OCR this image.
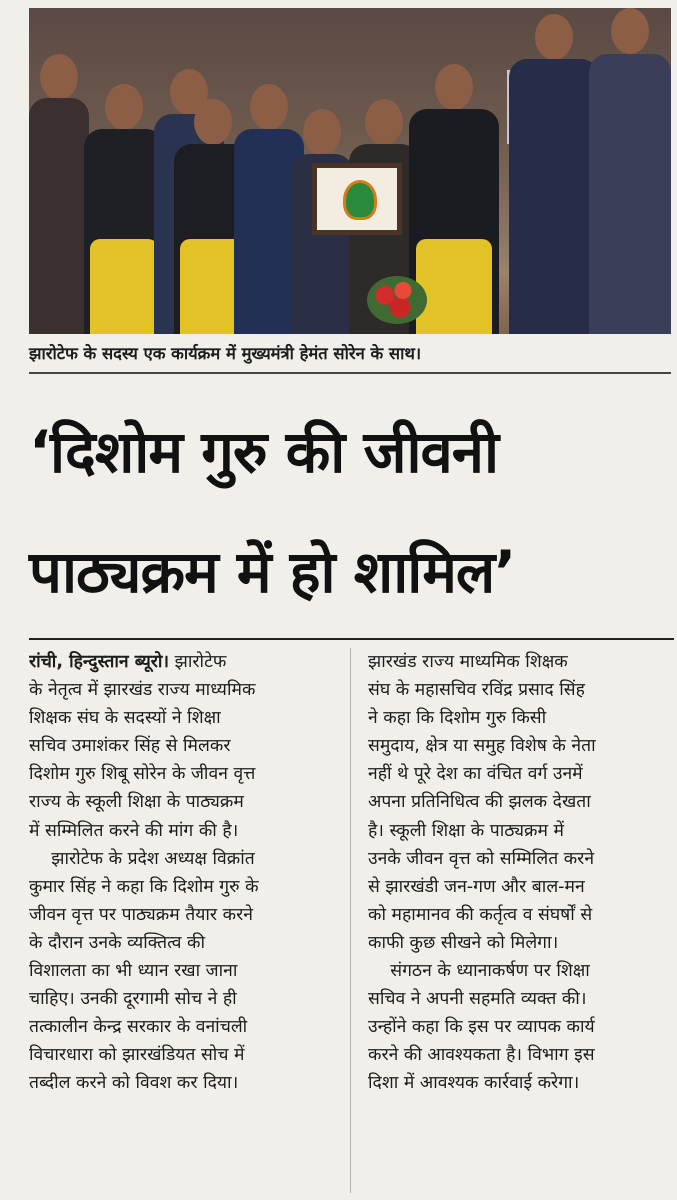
झारोटेफ के सदस्य एक कार्यक्रम में मुख्यमंत्री हेमंत सोरेन के साथ।
‘दिशोम गुरु की जीवनी
पाठ्यक्रम में हो शामिल’
रांची, हिन्दुस्तान ब्यूरो। झारोटेफ
के नेतृत्व में झारखंड राज्य माध्यमिक
शिक्षक संघ के सदस्यों ने शिक्षा
सचिव उमाशंकर सिंह से मिलकर
दिशोम गुरु शिबू सोरेन के जीवन वृत्त
राज्य के स्कूली शिक्षा के पाठ्यक्रम
में सम्मिलित करने की मांग की है।
झारोटेफ के प्रदेश अध्यक्ष विक्रांत
कुमार सिंह ने कहा कि दिशोम गुरु के
जीवन वृत्त पर पाठ्यक्रम तैयार करने
के दौरान उनके व्यक्तित्व की
विशालता का भी ध्यान रखा जाना
चाहिए। उनकी दूरगामी सोच ने ही
तत्कालीन केन्द्र सरकार के वनांचली
विचारधारा को झारखंडियत सोच में
तब्दील करने को विवश कर दिया।
झारखंड राज्य माध्यमिक शिक्षक
संघ के महासचिव रविंद्र प्रसाद सिंह
ने कहा कि दिशोम गुरु किसी
समुदाय, क्षेत्र या समुह विशेष के नेता
नहीं थे पूरे देश का वंचित वर्ग उनमें
अपना प्रतिनिधित्व की झलक देखता
है। स्कूली शिक्षा के पाठ्यक्रम में
उनके जीवन वृत्त को सम्मिलित करने
से झारखंडी जन-गण और बाल-मन
को महामानव की कर्तृत्व व संघर्षों से
काफी कुछ सीखने को मिलेगा।
संगठन के ध्यानाकर्षण पर शिक्षा
सचिव ने अपनी सहमति व्यक्त की।
उन्होंने कहा कि इस पर व्यापक कार्य
करने की आवश्यकता है। विभाग इस
दिशा में आवश्यक कार्रवाई करेगा।
